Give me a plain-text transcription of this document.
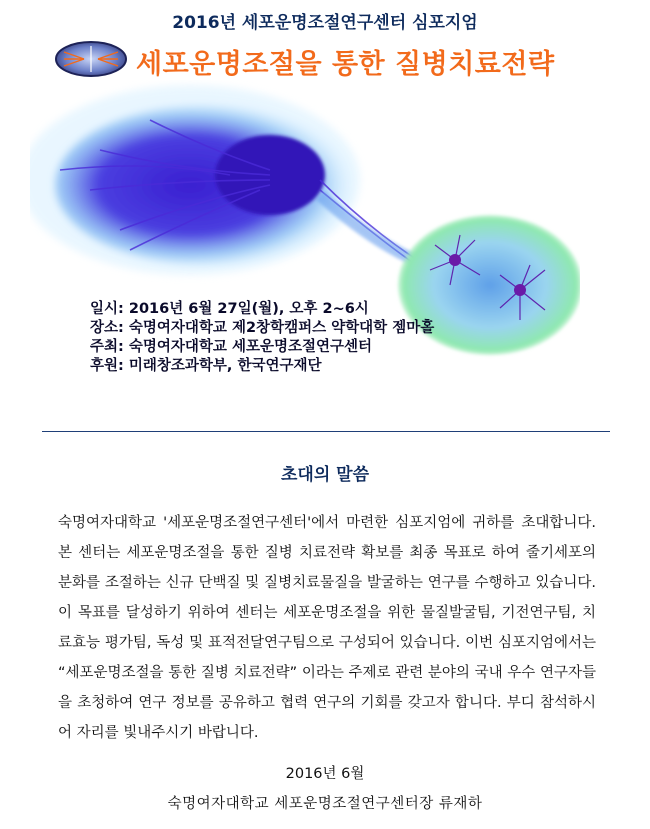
2016년 세포운명조절연구센터 심포지엄
세포운명조절을 통한 질병치료전략
일시: 2016년 6월 27일(월), 오후 2~6시
장소: 숙명여자대학교 제2창학캠퍼스 약학대학 젬마홀
주최: 숙명여자대학교 세포운명조절연구센터
후원: 미래창조과학부, 한국연구재단
초대의 말씀
숙명여자대학교 '세포운명조절연구센터'에서 마련한 심포지엄에 귀하를 초대합니다. 본 센터는 세포운명조절을 통한 질병 치료전략 확보를 최종 목표로 하여 줄기세포의 분화를 조절하는 신규 단백질 및 질병치료물질을 발굴하는 연구를 수행하고 있습니다. 이 목표를 달성하기 위하여 센터는 세포운명조절을 위한 물질발굴팀, 기전연구팀, 치료효능 평가팀, 독성 및 표적전달연구팀으로 구성되어 있습니다. 이번 심포지엄에서는 “세포운명조절을 통한 질병 치료전략” 이라는 주제로 관련 분야의 국내 우수 연구자들을 초청하여 연구 정보를 공유하고 협력 연구의 기회를 갖고자 합니다. 부디 참석하시어 자리를 빛내주시기 바랍니다.
2016년 6월
숙명여자대학교 세포운명조절연구센터장 류재하
